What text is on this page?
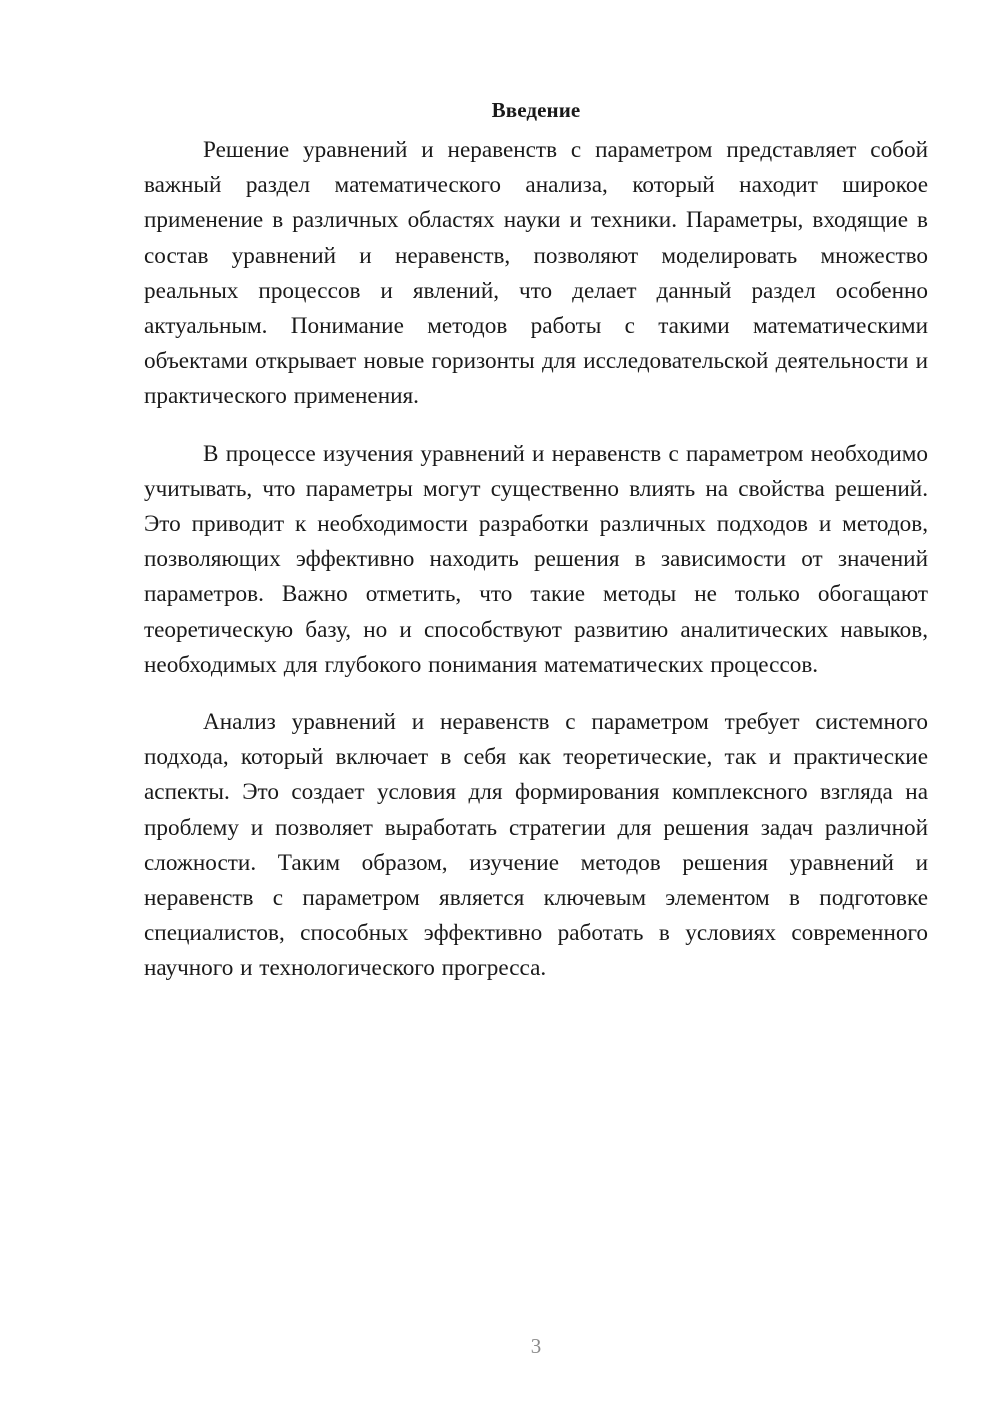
Введение

Решение уравнений и неравенств с параметром представляет собой важный раздел математического анализа, который находит широкое применение в различных областях науки и техники. Параметры, входящие в состав уравнений и неравенств, позволяют моделировать множество реальных процессов и явлений, что делает данный раздел особенно актуальным. Понимание методов работы с такими математическими объектами открывает новые горизонты для исследовательской деятельности и практического применения.

В процессе изучения уравнений и неравенств с параметром необходимо учитывать, что параметры могут существенно влиять на свойства решений. Это приводит к необходимости разработки различных подходов и методов, позволяющих эффективно находить решения в зависимости от значений параметров. Важно отметить, что такие методы не только обогащают теоретическую базу, но и способствуют развитию аналитических навыков, необходимых для глубокого понимания математических процессов.

Анализ уравнений и неравенств с параметром требует системного подхода, который включает в себя как теоретические, так и практические аспекты. Это создает условия для формирования комплексного взгляда на проблему и позволяет выработать стратегии для решения задач различной сложности. Таким образом, изучение методов решения уравнений и неравенств с параметром является ключевым элементом в подготовке специалистов, способных эффективно работать в условиях современного научного и технологического прогресса.

3
